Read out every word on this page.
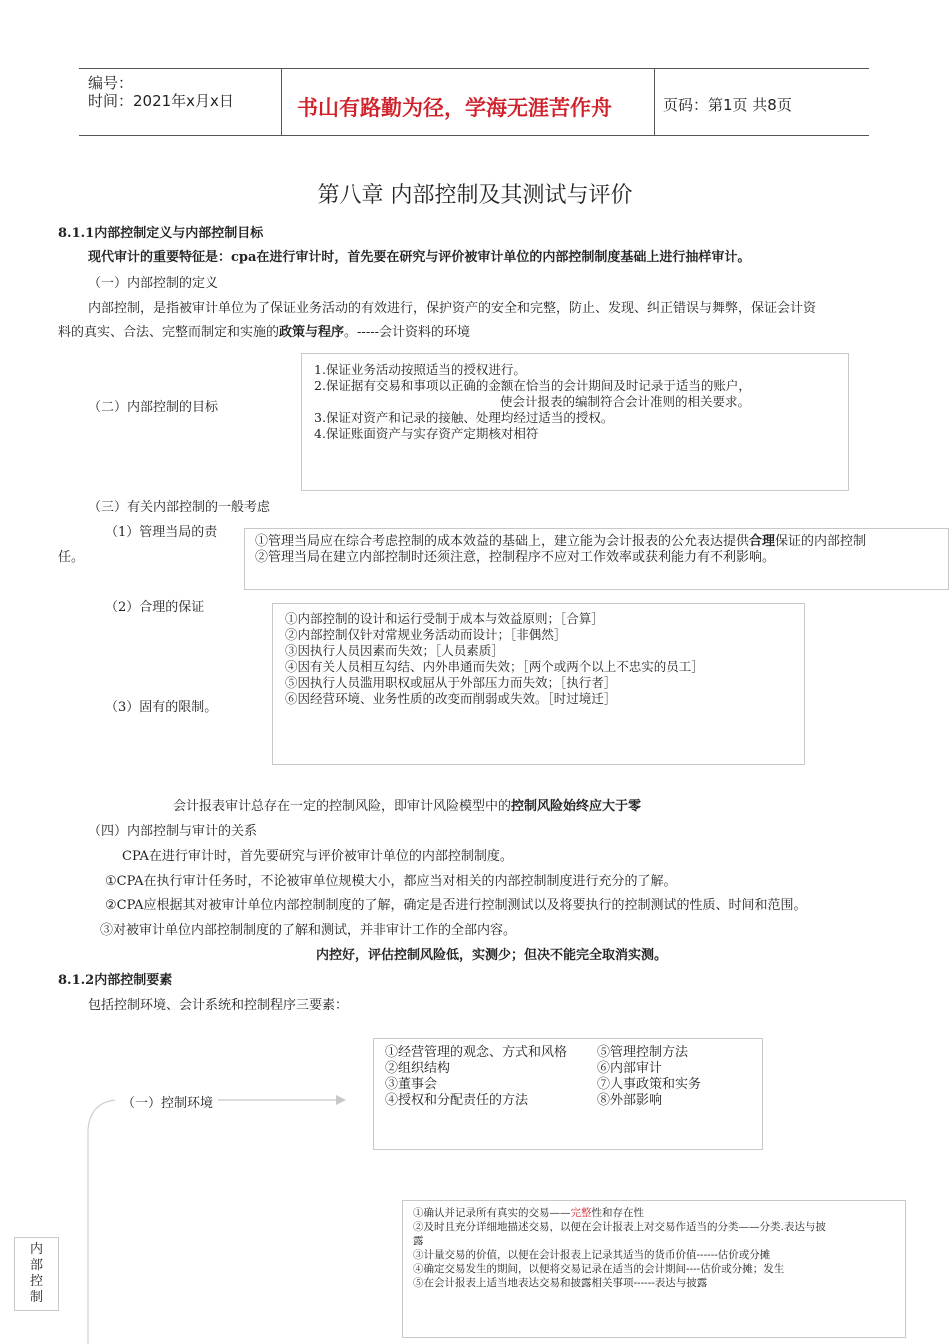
编号：
时间：2021年x月x日	书山有路勤为径，学海无涯苦作舟	页码：第1页 共8页
第八章 内部控制及其测试与评价
8.1.1内部控制定义与内部控制目标
现代审计的重要特征是：cpa在进行审计时，首先要在研究与评价被审计单位的内部控制制度基础上进行抽样审计。
（一）内部控制的定义
内部控制，是指被审计单位为了保证业务活动的有效进行，保护资产的安全和完整，防止、发现、纠正错误与舞弊，保证会计资
料的真实、合法、完整而制定和实施的政策与程序。-----会计资料的环境
（二）内部控制的目标
1.保证业务活动按照适当的授权进行。
2.保证据有交易和事项以正确的金额在恰当的会计期间及时记录于适当的账户，
使会计报表的编制符合会计准则的相关要求。
3.保证对资产和记录的接触、处理均经过适当的授权。
4.保证账面资产与实存资产定期核对相符
（三）有关内部控制的一般考虑
（1）管理当局的责
任。
①管理当局应在综合考虑控制的成本效益的基础上，建立能为会计报表的公允表达提供合理保证的内部控制
②管理当局在建立内部控制时还须注意，控制程序不应对工作效率或获利能力有不利影响。
（2）合理的保证
（3）固有的限制。
①内部控制的设计和运行受制于成本与效益原则；［合算］
②内部控制仅针对常规业务活动而设计；［非偶然］
③因执行人员因素而失效；［人员素质］
④因有关人员相互勾结、内外串通而失效；［两个或两个以上不忠实的员工］
⑤因执行人员滥用职权或屈从于外部压力而失效；［执行者］
⑥因经营环境、业务性质的改变而削弱或失效。［时过境迁］
会计报表审计总存在一定的控制风险，即审计风险模型中的控制风险始终应大于零
（四）内部控制与审计的关系
CPA在进行审计时，首先要研究与评价被审计单位的内部控制制度。
①CPA在执行审计任务时，不论被审单位规模大小，都应当对相关的内部控制制度进行充分的了解。
②CPA应根据其对被审计单位内部控制制度的了解，确定是否进行控制测试以及将要执行的控制测试的性质、时间和范围。
③对被审计单位内部控制制度的了解和测试，并非审计工作的全部内容。
内控好，评估控制风险低，实测少；但决不能完全取消实测。
8.1.2内部控制要素
包括控制环境、会计系统和控制程序三要素：
（一）控制环境
①经营管理的观念、方式和风格	⑤管理控制方法
②组织结构	⑥内部审计
③董事会	⑦人事政策和实务
④授权和分配责任的方法	⑧外部影响
①确认并记录所有真实的交易——完整性和存在性
②及时且充分详细地描述交易，以便在会计报表上对交易作适当的分类——分类.表达与披
露
③计量交易的价值，以便在会计报表上记录其适当的货币价值------估价或分摊
④确定交易发生的期间，以便将交易记录在适当的会计期间----估价或分摊；发生
⑤在会计报表上适当地表达交易和披露相关事项------表达与披露
内
部
控
制
